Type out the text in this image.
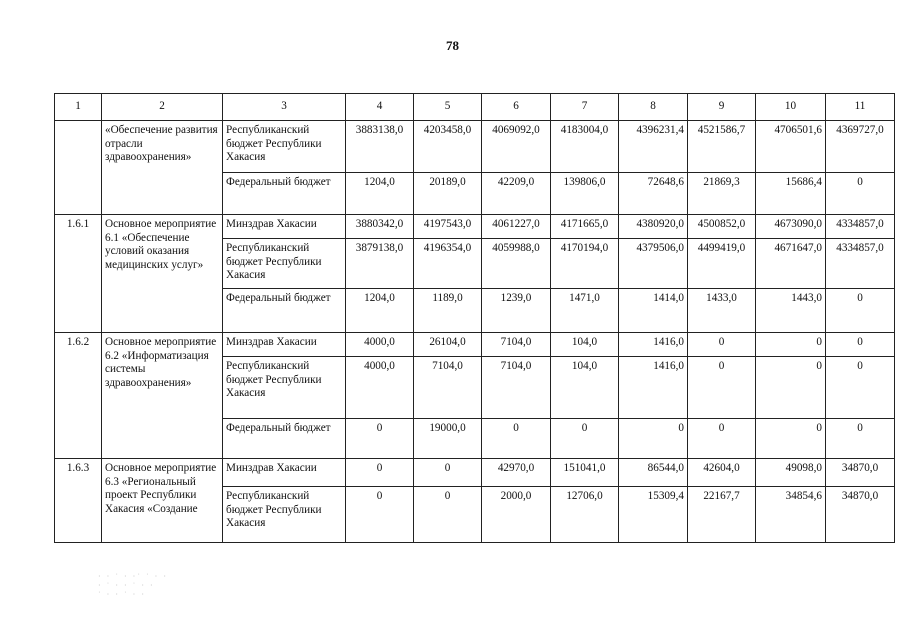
78
1	2	3	4	5	6	7	8	9	10	11
	«Обеспечение развития отрасли здравоохранения»	Республиканский бюджет Республики Хакасия	3883138,0	4203458,0	4069092,0	4183004,0	4396231,4	4521586,7	4706501,6	4369727,0
		Федеральный бюджет	1204,0	20189,0	42209,0	139806,0	72648,6	21869,3	15686,4	0
1.6.1	Основное мероприятие 6.1 «Обеспечение условий оказания медицинских услуг»	Минздрав Хакасии	3880342,0	4197543,0	4061227,0	4171665,0	4380920,0	4500852,0	4673090,0	4334857,0
		Республиканский бюджет Республики Хакасия	3879138,0	4196354,0	4059988,0	4170194,0	4379506,0	4499419,0	4671647,0	4334857,0
		Федеральный бюджет	1204,0	1189,0	1239,0	1471,0	1414,0	1433,0	1443,0	0
1.6.2	Основное мероприятие 6.2 «Информатизация системы здравоохранения»	Минздрав Хакасии	4000,0	26104,0	7104,0	104,0	1416,0	0	0	0
		Республиканский бюджет Республики Хакасия	4000,0	7104,0	7104,0	104,0	1416,0	0	0	0
		Федеральный бюджет	0	19000,0	0	0	0	0	0	0
1.6.3	Основное мероприятие 6.3 «Региональный проект Республики Хакасия «Создание	Минздрав Хакасии	0	0	42970,0	151041,0	86544,0	42604,0	49098,0	34870,0
		Республиканский бюджет Республики Хакасия	0	0	2000,0	12706,0	15309,4	22167,7	34854,6	34870,0
· · ˙ · ·˙ ˙ · ·
· ˙ · · ˙ · ·
˙ · · ˙ · ·
